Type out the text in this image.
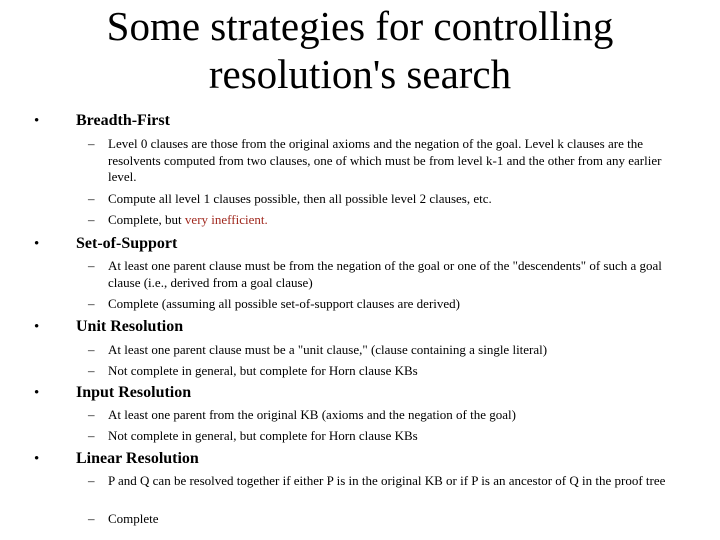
Some strategies for controlling
resolution's search
• Breadth-First
– Level 0 clauses are those from the original axioms and the negation of the goal. Level k clauses are the resolvents computed from two clauses, one of which must be from level k-1 and the other from any earlier level.
– Compute all level 1 clauses possible, then all possible level 2 clauses, etc.
– Complete, but very inefficient.
• Set-of-Support
– At least one parent clause must be from the negation of the goal or one of the "descendents" of such a goal clause (i.e., derived from a goal clause)
– Complete (assuming all possible set-of-support clauses are derived)
• Unit Resolution
– At least one parent clause must be a "unit clause," (clause containing a single literal)
– Not complete in general, but complete for Horn clause KBs
• Input Resolution
– At least one parent from the original KB (axioms and the negation of the goal)
– Not complete in general, but complete for Horn clause KBs
• Linear Resolution
– P and Q can be resolved together if either P is in the original KB or if P is an ancestor of Q in the proof tree
– Complete
